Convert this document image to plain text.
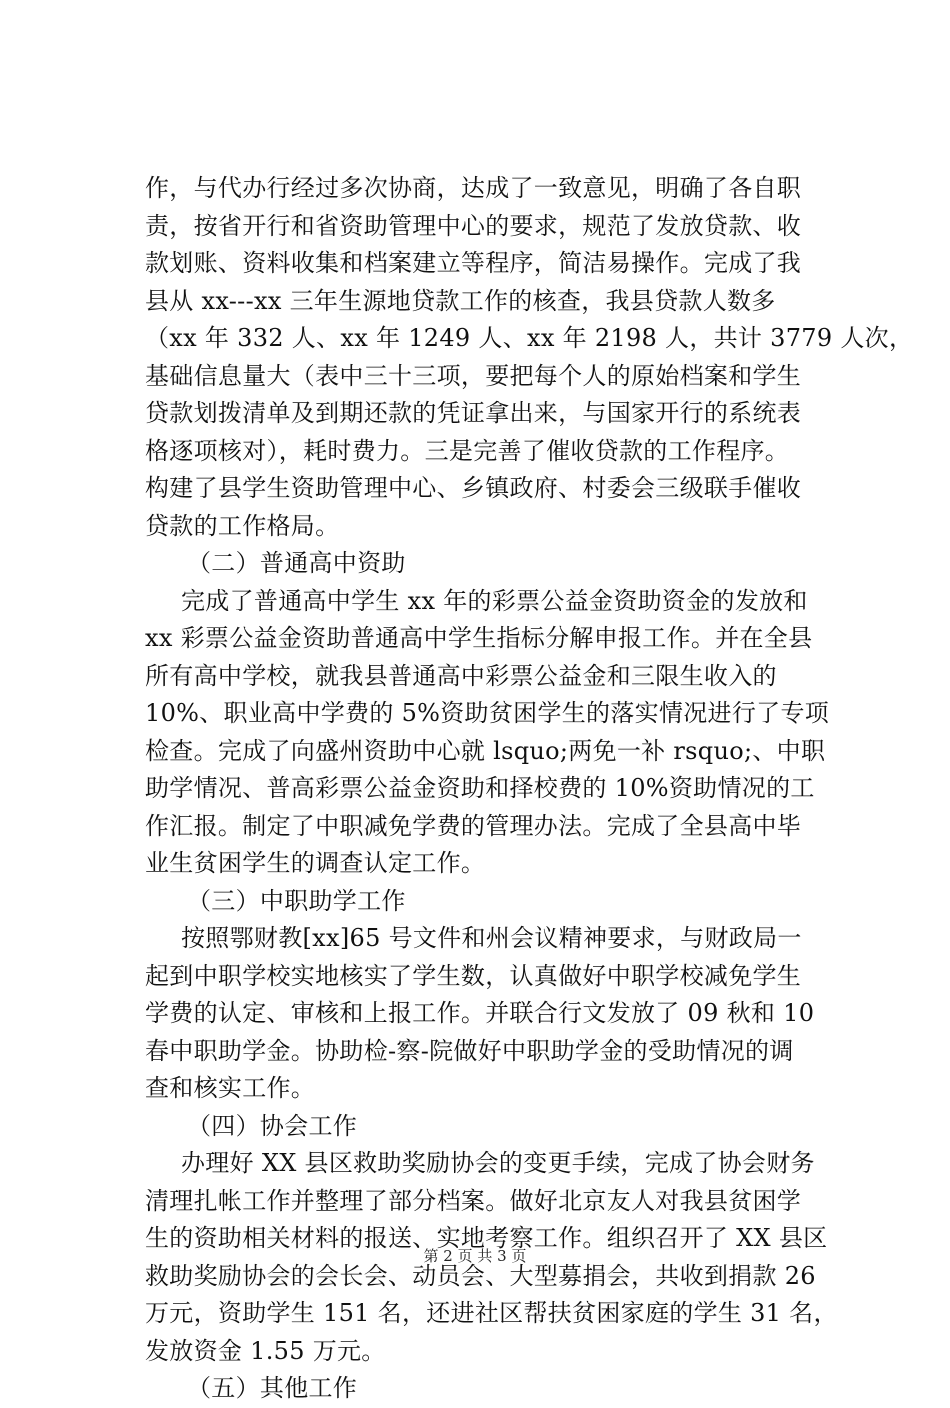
作，与代办行经过多次协商，达成了一致意见，明确了各自职
责，按省开行和省资助管理中心的要求，规范了发放贷款、收
款划账、资料收集和档案建立等程序，简洁易操作。完成了我
县从 xx---xx 三年生源地贷款工作的核查，我县贷款人数多
（xx 年 332 人、xx 年 1249 人、xx 年 2198 人，共计 3779 人次，
基础信息量大（表中三十三项，要把每个人的原始档案和学生
贷款划拨清单及到期还款的凭证拿出来，与国家开行的系统表
格逐项核对），耗时费力。三是完善了催收贷款的工作程序。
构建了县学生资助管理中心、乡镇政府、村委会三级联手催收
贷款的工作格局。
（二）普通高中资助
完成了普通高中学生 xx 年的彩票公益金资助资金的发放和
xx 彩票公益金资助普通高中学生指标分解申报工作。并在全县
所有高中学校，就我县普通高中彩票公益金和三限生收入的
10%、职业高中学费的 5%资助贫困学生的落实情况进行了专项
检查。完成了向盛州资助中心就 lsquo;两免一补 rsquo;、中职
助学情况、普高彩票公益金资助和择校费的 10%资助情况的工
作汇报。制定了中职减免学费的管理办法。完成了全县高中毕
业生贫困学生的调查认定工作。
（三）中职助学工作
按照鄂财教[xx]65 号文件和州会议精神要求，与财政局一
起到中职学校实地核实了学生数，认真做好中职学校减免学生
学费的认定、审核和上报工作。并联合行文发放了 09 秋和 10
春中职助学金。协助检-察-院做好中职助学金的受助情况的调
查和核实工作。
（四）协会工作
办理好 XX 县区救助奖励协会的变更手续，完成了协会财务
清理扎帐工作并整理了部分档案。做好北京友人对我县贫困学
生的资助相关材料的报送、实地考察工作。组织召开了 XX 县区
救助奖励协会的会长会、动员会、大型募捐会，共收到捐款 26
万元，资助学生 151 名，还进社区帮扶贫困家庭的学生 31 名，
发放资金 1.55 万元。
（五）其他工作
第 2 页 共 3 页
